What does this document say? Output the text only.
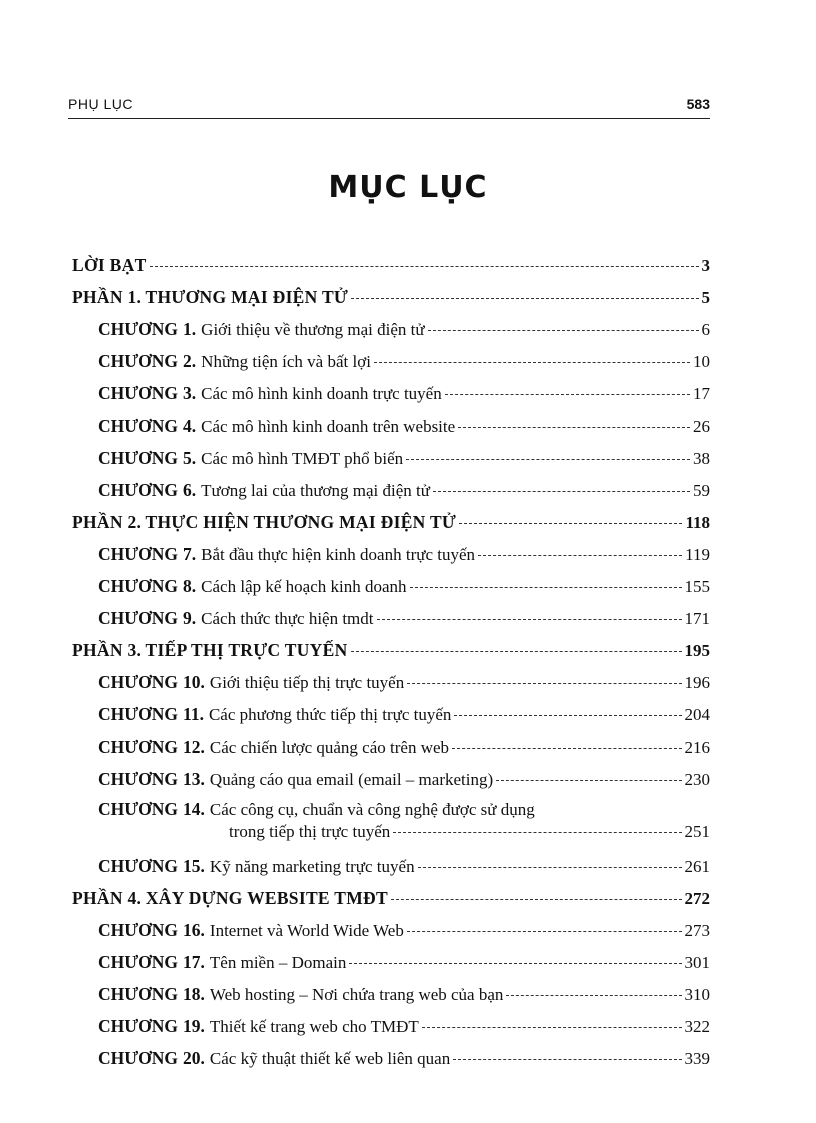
PHỤ LỤC	583
MỤC LỤC
LỜI BẠT	3
PHẦN 1. THƯƠNG MẠI ĐIỆN TỬ	5
CHƯƠNG 1. Giới thiệu về thương mại điện tử	6
CHƯƠNG 2. Những tiện ích và bất lợi	10
CHƯƠNG 3. Các mô hình kinh doanh trực tuyến	17
CHƯƠNG 4. Các mô hình kinh doanh trên website	26
CHƯƠNG 5. Các mô hình TMĐT phổ biến	38
CHƯƠNG 6. Tương lai của thương mại điện tử	59
PHẦN 2. THỰC HIỆN THƯƠNG MẠI ĐIỆN TỬ	118
CHƯƠNG 7. Bắt đầu thực hiện kinh doanh trực tuyến	119
CHƯƠNG 8. Cách lập kế hoạch kinh doanh	155
CHƯƠNG 9. Cách thức thực hiện tmdt	171
PHẦN 3. TIẾP THỊ TRỰC TUYẾN	195
CHƯƠNG 10. Giới thiệu tiếp thị trực tuyến	196
CHƯƠNG 11. Các phương thức tiếp thị trực tuyến	204
CHƯƠNG 12. Các chiến lược quảng cáo trên web	216
CHƯƠNG 13. Quảng cáo qua email (email – marketing)	230
CHƯƠNG 14. Các công cụ, chuẩn và công nghệ được sử dụng
trong tiếp thị trực tuyến	251
CHƯƠNG 15. Kỹ năng marketing trực tuyến	261
PHẦN 4. XÂY DỰNG WEBSITE TMĐT	272
CHƯƠNG 16. Internet và World Wide Web	273
CHƯƠNG 17. Tên miền – Domain	301
CHƯƠNG 18. Web hosting – Nơi chứa trang web của bạn	310
CHƯƠNG 19. Thiết kế trang web cho TMĐT	322
CHƯƠNG 20. Các kỹ thuật thiết kế web liên quan	339
